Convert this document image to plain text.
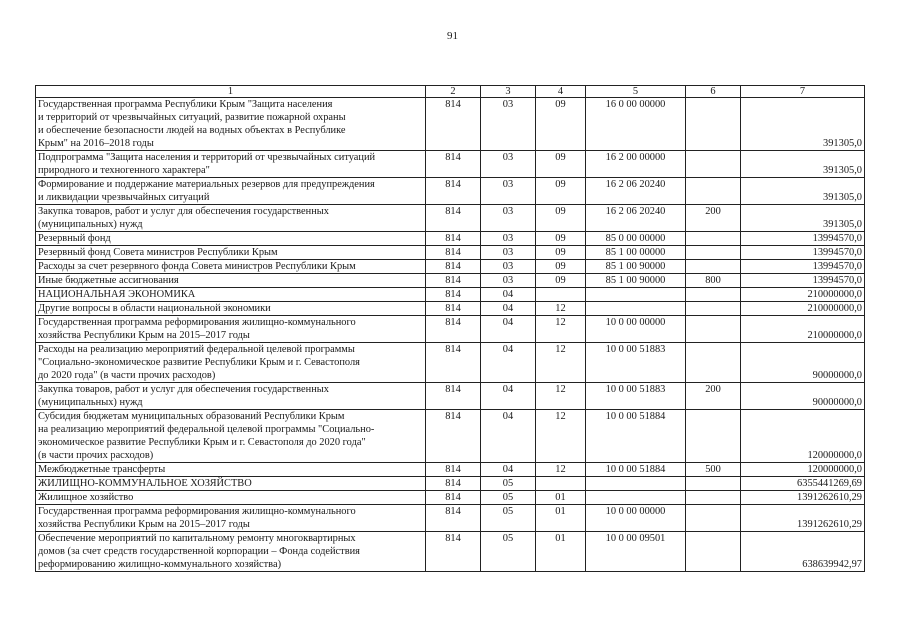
91
1	2	3	4	5	6	7

Государственная программа Республики Крым "Защита населения
и территорий от чрезвычайных ситуаций, развитие пожарной охраны
и обеспечение безопасности людей на водных объектах в Республике
Крым" на 2016–2018 годы	814	03	09	16 0 00 00000		391305,0

Подпрограмма "Защита населения и территорий от чрезвычайных ситуаций
природного и техногенного характера"	814	03	09	16 2 00 00000		391305,0

Формирование и поддержание материальных резервов для предупреждения
и ликвидации чрезвычайных ситуаций	814	03	09	16 2 06 20240		391305,0

Закупка товаров, работ и услуг для обеспечения государственных
(муниципальных) нужд	814	03	09	16 2 06 20240	200	391305,0

Резервный фонд	814	03	09	85 0 00 00000		13994570,0

Резервный фонд Совета министров Республики Крым	814	03	09	85 1 00 00000		13994570,0

Расходы за счет резервного фонда Совета министров Республики Крым	814	03	09	85 1 00 90000		13994570,0

Иные бюджетные ассигнования	814	03	09	85 1 00 90000	800	13994570,0

НАЦИОНАЛЬНАЯ ЭКОНОМИКА	814	04				210000000,0

Другие вопросы в области национальной экономики	814	04	12			210000000,0

Государственная программа реформирования жилищно-коммунального
хозяйства Республики Крым на 2015–2017 годы	814	04	12	10 0 00 00000		210000000,0

Расходы на реализацию мероприятий федеральной целевой программы
"Социально-экономическое развитие Республики Крым и г. Севастополя
до 2020 года" (в части прочих расходов)	814	04	12	10 0 00 51883		90000000,0

Закупка товаров, работ и услуг для обеспечения государственных
(муниципальных) нужд	814	04	12	10 0 00 51883	200	90000000,0

Субсидия бюджетам муниципальных образований Республики Крым
на реализацию мероприятий федеральной целевой программы "Социально-
экономическое развитие Республики Крым и г. Севастополя до 2020 года"
(в части прочих расходов)	814	04	12	10 0 00 51884		120000000,0

Межбюджетные трансферты	814	04	12	10 0 00 51884	500	120000000,0

ЖИЛИЩНО-КОММУНАЛЬНОЕ ХОЗЯЙСТВО	814	05				6355441269,69

Жилищное хозяйство	814	05	01			1391262610,29

Государственная программа реформирования жилищно-коммунального
хозяйства Республики Крым на 2015–2017 годы	814	05	01	10 0 00 00000		1391262610,29

Обеспечение мероприятий по капитальному ремонту многоквартирных
домов (за счет средств государственной корпорации – Фонда содействия
реформированию жилищно-коммунального хозяйства)	814	05	01	10 0 00 09501		638639942,97
